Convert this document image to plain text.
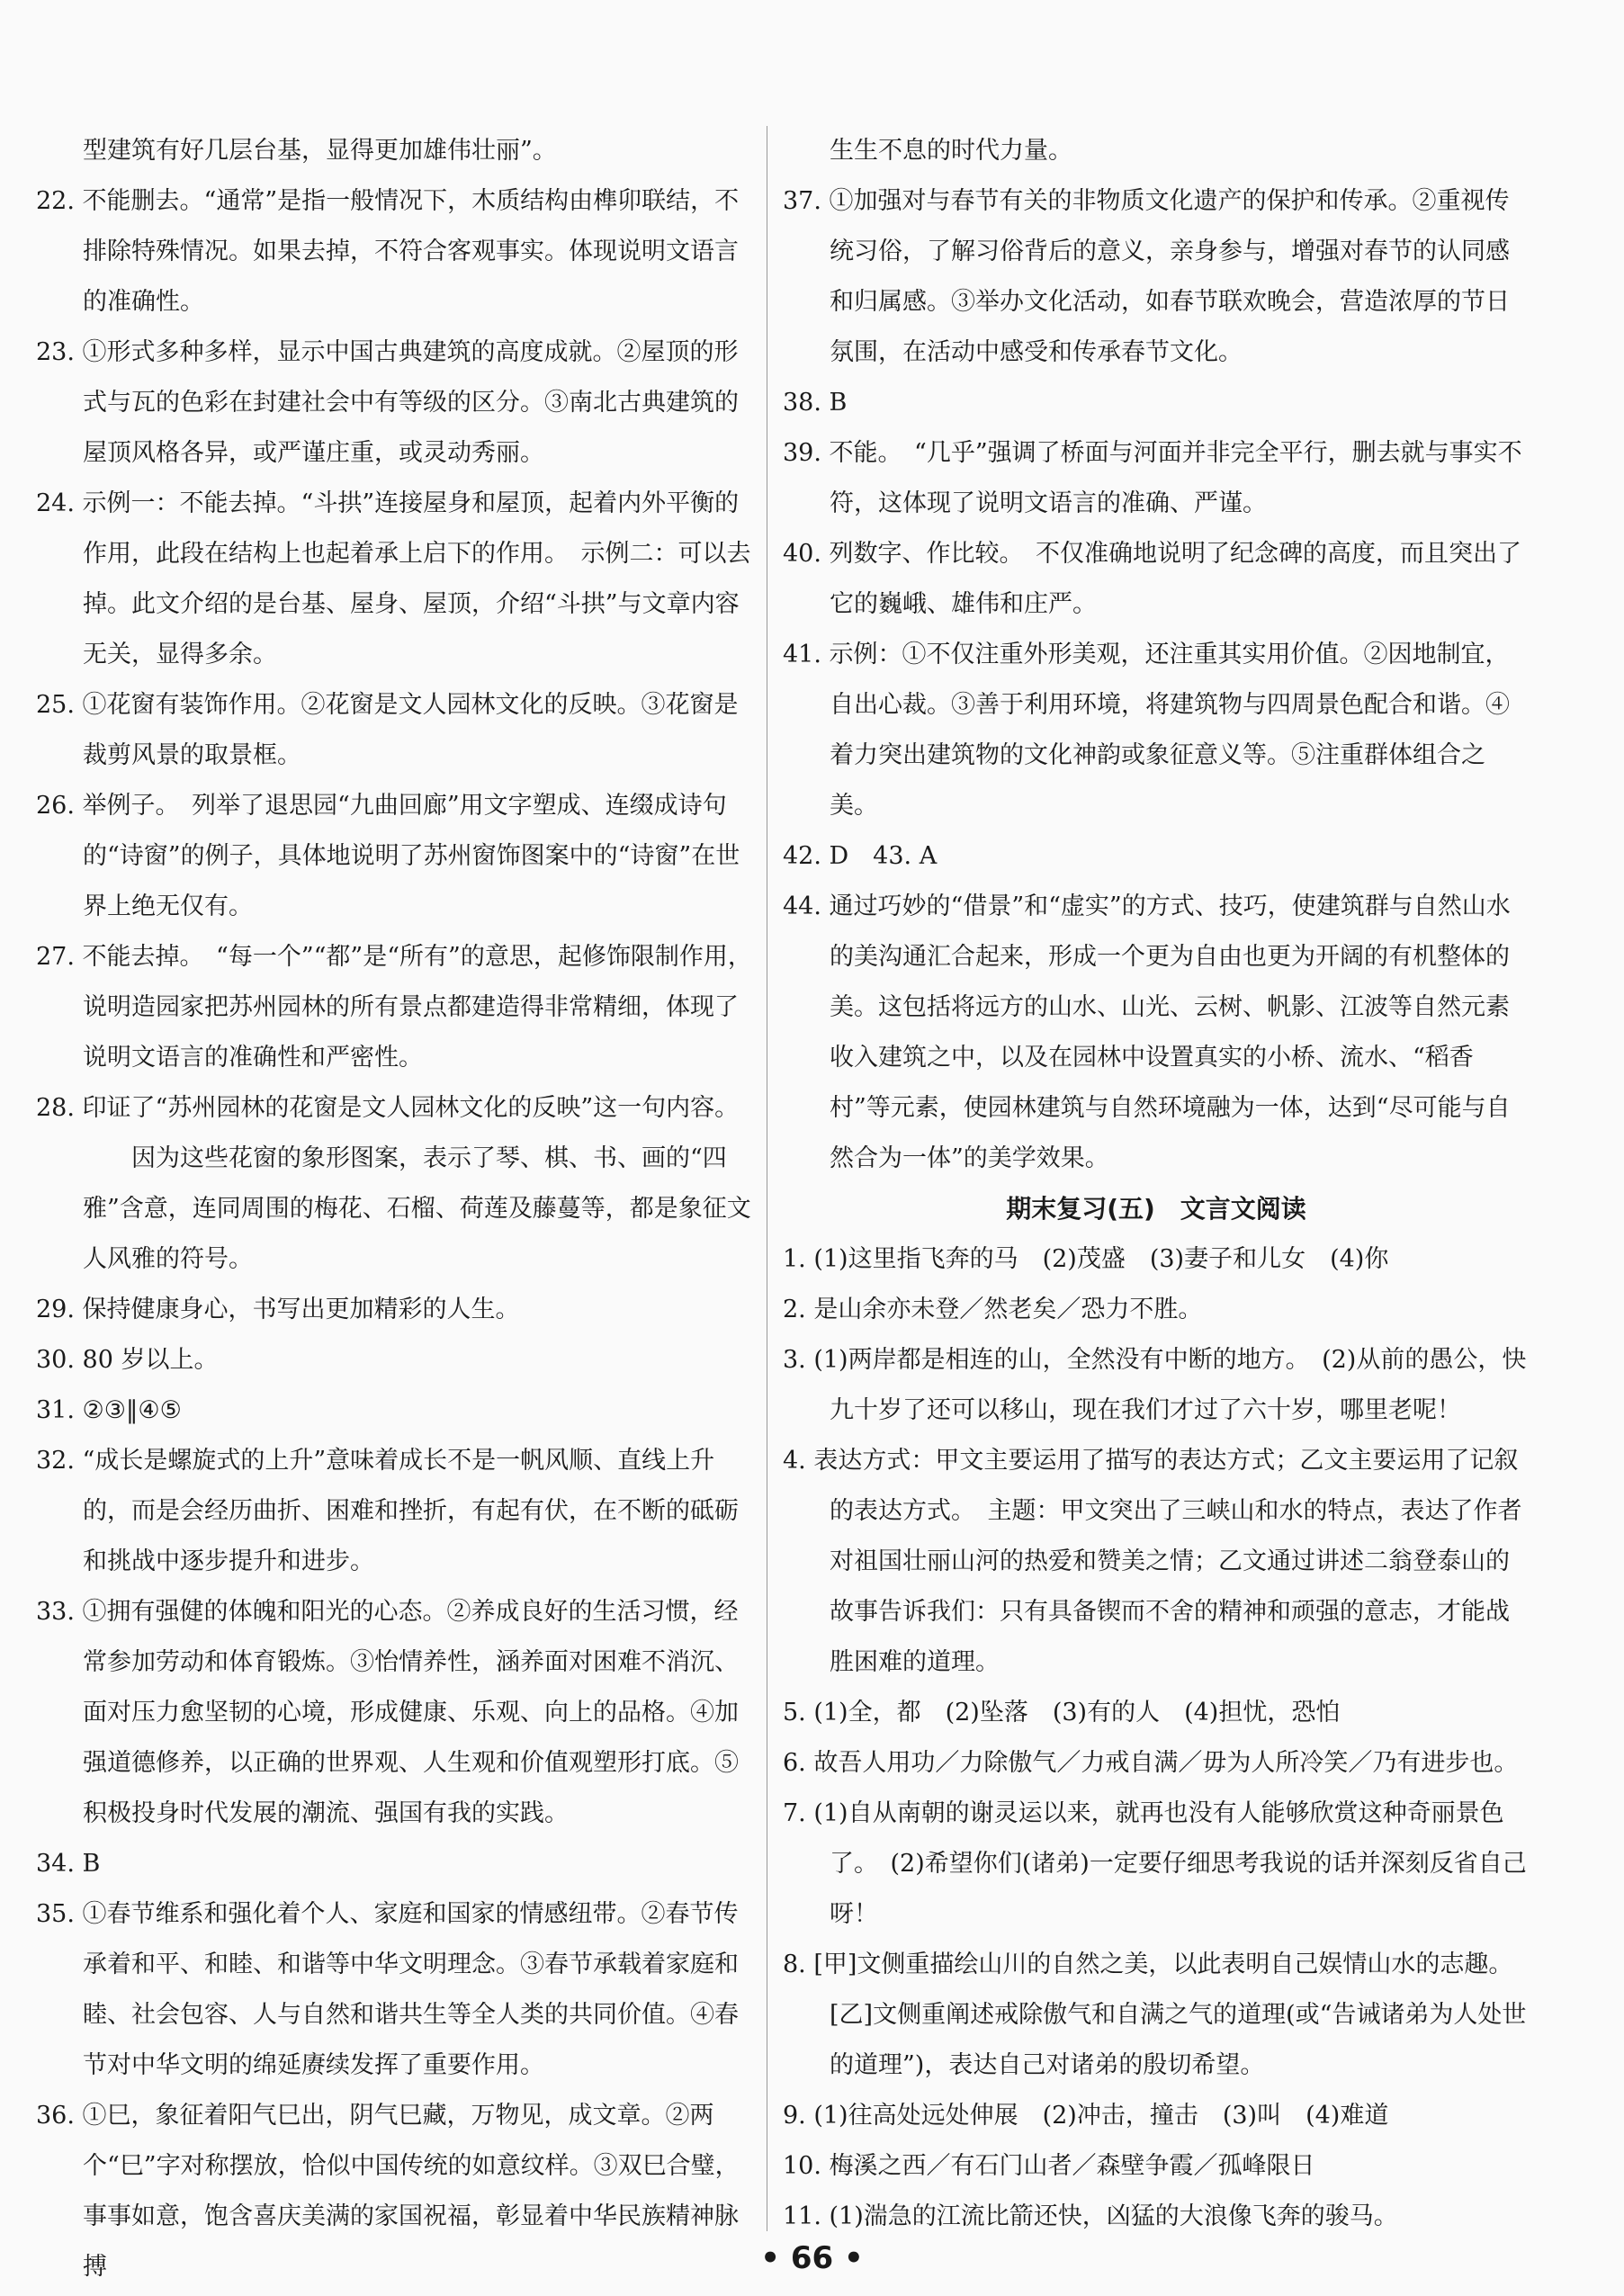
型建筑有好几层台基，显得更加雄伟壮丽”。

22. 不能删去。“通常”是指一般情况下，木质结构由榫卯联结，不排除特殊情况。如果去掉，不符合客观事实。体现说明文语言的准确性。

23. ①形式多种多样，显示中国古典建筑的高度成就。②屋顶的形式与瓦的色彩在封建社会中有等级的区分。③南北古典建筑的屋顶风格各异，或严谨庄重，或灵动秀丽。

24. 示例一：不能去掉。“斗拱”连接屋身和屋顶，起着内外平衡的作用，此段在结构上也起着承上启下的作用。　示例二：可以去掉。此文介绍的是台基、屋身、屋顶，介绍“斗拱”与文章内容无关，显得多余。

25. ①花窗有装饰作用。②花窗是文人园林文化的反映。③花窗是裁剪风景的取景框。

26. 举例子。　列举了退思园“九曲回廊”用文字塑成、连缀成诗句的“诗窗”的例子，具体地说明了苏州窗饰图案中的“诗窗”在世界上绝无仅有。

27. 不能去掉。　“每一个”“都”是“所有”的意思，起修饰限制作用，说明造园家把苏州园林的所有景点都建造得非常精细，体现了说明文语言的准确性和严密性。

28. 印证了“苏州园林的花窗是文人园林文化的反映”这一句内容。

因为这些花窗的象形图案，表示了琴、棋、书、画的“四雅”含意，连同周围的梅花、石榴、荷莲及藤蔓等，都是象征文人风雅的符号。

29. 保持健康身心，书写出更加精彩的人生。

30. 80 岁以上。

31. ②③‖④⑤

32. “成长是螺旋式的上升”意味着成长不是一帆风顺、直线上升的，而是会经历曲折、困难和挫折，有起有伏，在不断的砥砺和挑战中逐步提升和进步。

33. ①拥有强健的体魄和阳光的心态。②养成良好的生活习惯，经常参加劳动和体育锻炼。③怡情养性，涵养面对困难不消沉、面对压力愈坚韧的心境，形成健康、乐观、向上的品格。④加强道德修养，以正确的世界观、人生观和价值观塑形打底。⑤积极投身时代发展的潮流、强国有我的实践。

34. B

35. ①春节维系和强化着个人、家庭和国家的情感纽带。②春节传承着和平、和睦、和谐等中华文明理念。③春节承载着家庭和睦、社会包容、人与自然和谐共生等全人类的共同价值。④春节对中华文明的绵延赓续发挥了重要作用。

36. ①巳，象征着阳气巳出，阴气巳藏，万物见，成文章。②两个“巳”字对称摆放，恰似中国传统的如意纹样。③双巳合璧，事事如意，饱含喜庆美满的家国祝福，彰显着中华民族精神脉搏

生生不息的时代力量。

37. ①加强对与春节有关的非物质文化遗产的保护和传承。②重视传统习俗，了解习俗背后的意义，亲身参与，增强对春节的认同感和归属感。③举办文化活动，如春节联欢晚会，营造浓厚的节日氛围，在活动中感受和传承春节文化。

38. B

39. 不能。　“几乎”强调了桥面与河面并非完全平行，删去就与事实不符，这体现了说明文语言的准确、严谨。

40. 列数字、作比较。　不仅准确地说明了纪念碑的高度，而且突出了它的巍峨、雄伟和庄严。

41. 示例：①不仅注重外形美观，还注重其实用价值。②因地制宜，自出心裁。③善于利用环境，将建筑物与四周景色配合和谐。④着力突出建筑物的文化神韵或象征意义等。⑤注重群体组合之美。

42. D　43. A

44. 通过巧妙的“借景”和“虚实”的方式、技巧，使建筑群与自然山水的美沟通汇合起来，形成一个更为自由也更为开阔的有机整体的美。这包括将远方的山水、山光、云树、帆影、江波等自然元素收入建筑之中，以及在园林中设置真实的小桥、流水、“稻香村”等元素，使园林建筑与自然环境融为一体，达到“尽可能与自然合为一体”的美学效果。

期末复习(五)　文言文阅读

1. (1)这里指飞奔的马　(2)茂盛　(3)妻子和儿女　(4)你

2. 是山余亦未登／然老矣／恐力不胜。

3. (1)两岸都是相连的山，全然没有中断的地方。　(2)从前的愚公，快九十岁了还可以移山，现在我们才过了六十岁，哪里老呢！

4. 表达方式：甲文主要运用了描写的表达方式；乙文主要运用了记叙的表达方式。　主题：甲文突出了三峡山和水的特点，表达了作者对祖国壮丽山河的热爱和赞美之情；乙文通过讲述二翁登泰山的故事告诉我们：只有具备锲而不舍的精神和顽强的意志，才能战胜困难的道理。

5. (1)全，都　(2)坠落　(3)有的人　(4)担忧，恐怕

6. 故吾人用功／力除傲气／力戒自满／毋为人所冷笑／乃有进步也。

7. (1)自从南朝的谢灵运以来，就再也没有人能够欣赏这种奇丽景色了。　(2)希望你们(诸弟)一定要仔细思考我说的话并深刻反省自己呀！

8. [甲]文侧重描绘山川的自然之美，以此表明自己娱情山水的志趣。[乙]文侧重阐述戒除傲气和自满之气的道理(或“告诫诸弟为人处世的道理”)，表达自己对诸弟的殷切希望。

9. (1)往高处远处伸展　(2)冲击，撞击　(3)叫　(4)难道

10. 梅溪之西／有石门山者／森壁争霞／孤峰限日

11. (1)湍急的江流比箭还快，凶猛的大浪像飞奔的骏马。

• 66 •
